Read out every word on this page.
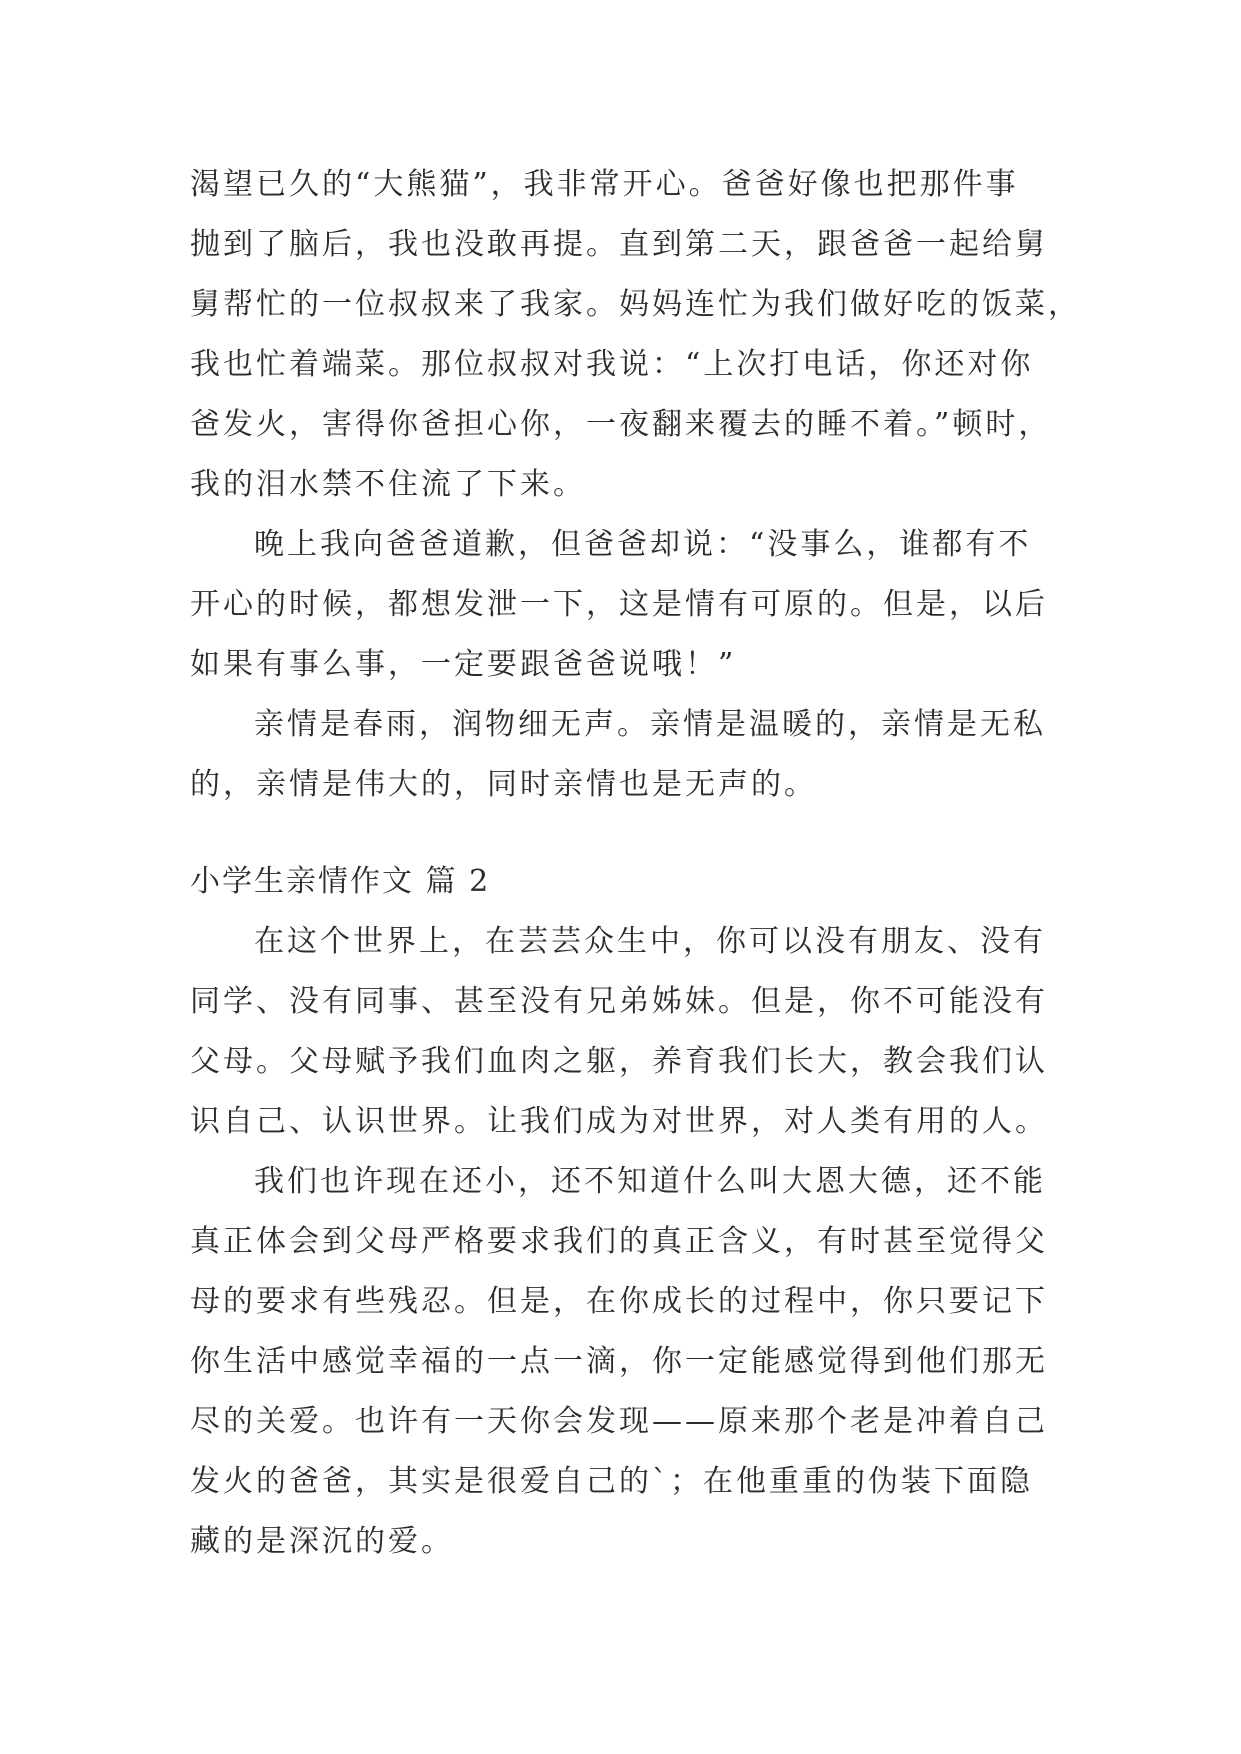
渴望已久的“大熊猫”，我非常开心。爸爸好像也把那件事
抛到了脑后，我也没敢再提。直到第二天，跟爸爸一起给舅
舅帮忙的一位叔叔来了我家。妈妈连忙为我们做好吃的饭菜，
我也忙着端菜。那位叔叔对我说：“上次打电话，你还对你
爸发火，害得你爸担心你，一夜翻来覆去的睡不着。”顿时，
我的泪水禁不住流了下来。
晚上我向爸爸道歉，但爸爸却说：“没事么，谁都有不
开心的时候，都想发泄一下，这是情有可原的。但是，以后
如果有事么事，一定要跟爸爸说哦！”
亲情是春雨，润物细无声。亲情是温暖的，亲情是无私
的，亲情是伟大的，同时亲情也是无声的。
小学生亲情作文 篇 2
在这个世界上，在芸芸众生中，你可以没有朋友、没有
同学、没有同事、甚至没有兄弟姊妹。但是，你不可能没有
父母。父母赋予我们血肉之躯，养育我们长大，教会我们认
识自己、认识世界。让我们成为对世界，对人类有用的人。
我们也许现在还小，还不知道什么叫大恩大德，还不能
真正体会到父母严格要求我们的真正含义，有时甚至觉得父
母的要求有些残忍。但是，在你成长的过程中，你只要记下
你生活中感觉幸福的一点一滴，你一定能感觉得到他们那无
尽的关爱。也许有一天你会发现——原来那个老是冲着自己
发火的爸爸，其实是很爱自己的`；在他重重的伪装下面隐
藏的是深沉的爱。
